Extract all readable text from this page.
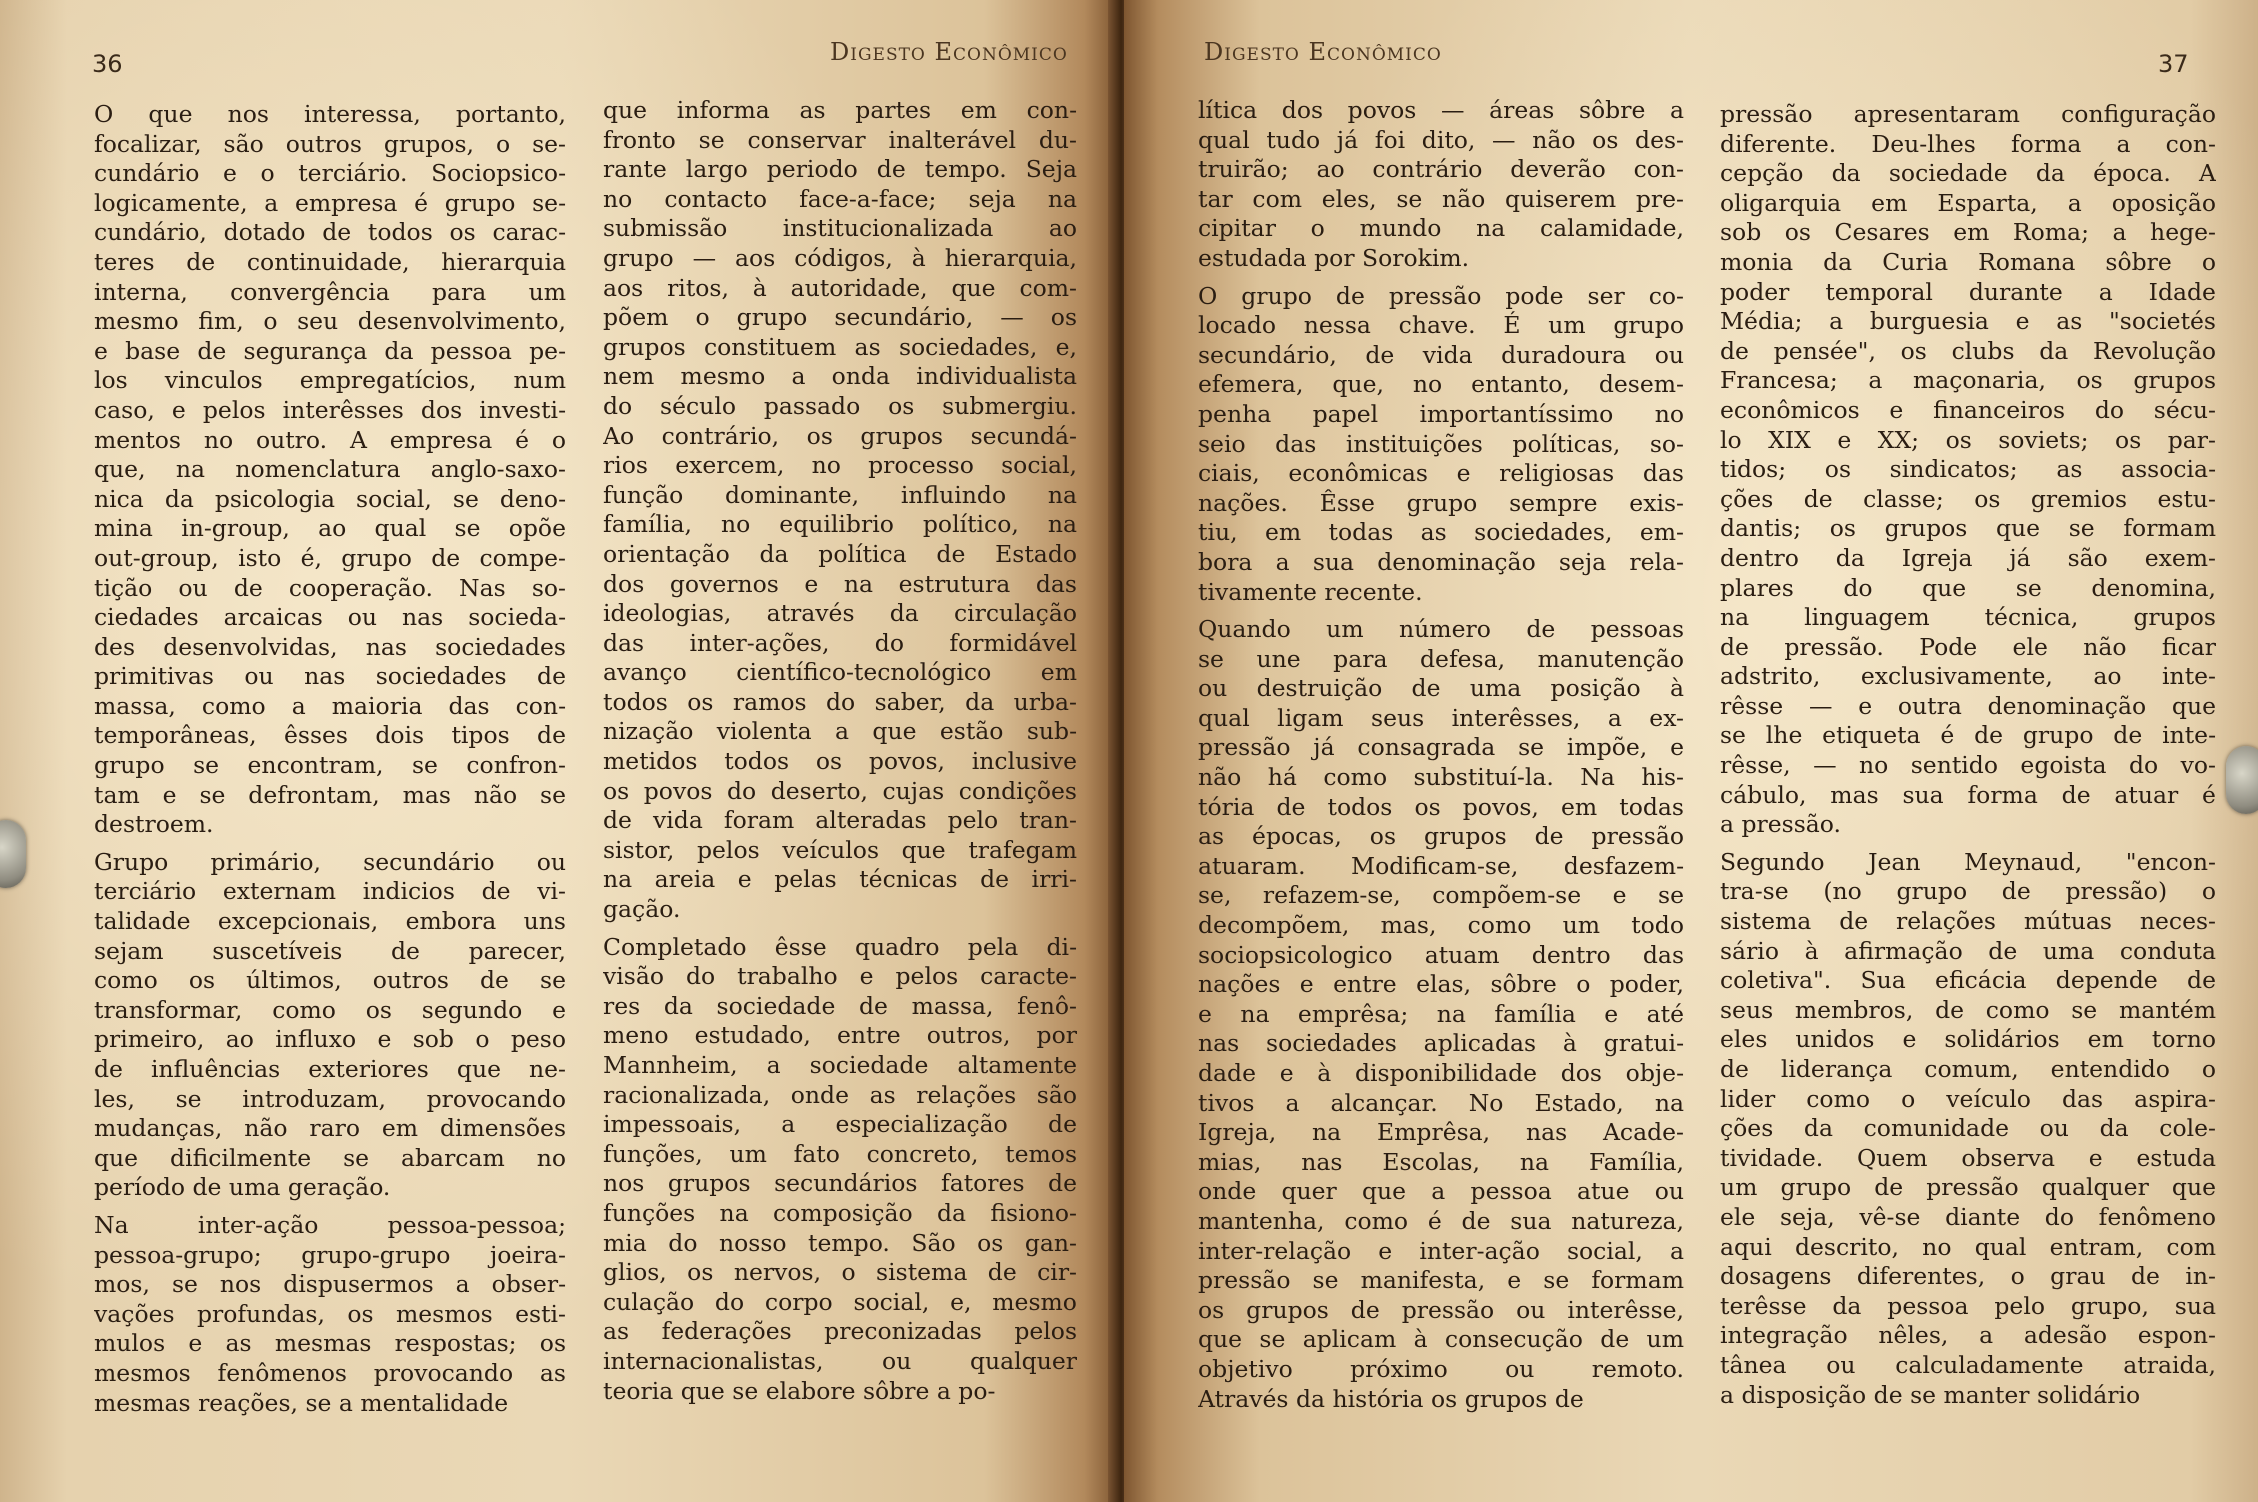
36	Digesto Econômico
O que nos interessa, portanto,
focalizar, são outros grupos, o se-
cundário e o terciário. Sociopsico-
logicamente, a empresa é grupo se-
cundário, dotado de todos os carac-
teres de continuidade, hierarquia
interna, convergência para um
mesmo fim, o seu desenvolvimento,
e base de segurança da pessoa pe-
los vinculos empregatícios, num
caso, e pelos interêsses dos investi-
mentos no outro. A empresa é o
que, na nomenclatura anglo-saxo-
nica da psicologia social, se deno-
mina in-group, ao qual se opõe
out-group, isto é, grupo de compe-
tição ou de cooperação. Nas so-
ciedades arcaicas ou nas socieda-
des desenvolvidas, nas sociedades
primitivas ou nas sociedades de
massa, como a maioria das con-
temporâneas, êsses dois tipos de
grupo se encontram, se confron-
tam e se defrontam, mas não se
destroem.
Grupo primário, secundário ou
terciário externam indicios de vi-
talidade excepcionais, embora uns
sejam suscetíveis de parecer,
como os últimos, outros de se
transformar, como os segundo e
primeiro, ao influxo e sob o peso
de influências exteriores que ne-
les, se introduzam, provocando
mudanças, não raro em dimensões
que dificilmente se abarcam no
período de uma geração.
Na inter-ação pessoa-pessoa;
pessoa-grupo; grupo-grupo joeira-
mos, se nos dispusermos a obser-
vações profundas, os mesmos esti-
mulos e as mesmas respostas; os
mesmos fenômenos provocando as
mesmas reações, se a mentalidade
que informa as partes em con-
fronto se conservar inalterável du-
rante largo periodo de tempo. Seja
no contacto face-a-face; seja na
submissão institucionalizada ao
grupo — aos códigos, à hierarquia,
aos ritos, à autoridade, que com-
põem o grupo secundário, — os
grupos constituem as sociedades, e,
nem mesmo a onda individualista
do século passado os submergiu.
Ao contrário, os grupos secundá-
rios exercem, no processo social,
função dominante, influindo na
família, no equilibrio político, na
orientação da política de Estado
dos governos e na estrutura das
ideologias, através da circulação
das inter-ações, do formidável
avanço científico-tecnológico em
todos os ramos do saber, da urba-
nização violenta a que estão sub-
metidos todos os povos, inclusive
os povos do deserto, cujas condições
de vida foram alteradas pelo tran-
sistor, pelos veículos que trafegam
na areia e pelas técnicas de irri-
gação.
Completado êsse quadro pela di-
visão do trabalho e pelos caracte-
res da sociedade de massa, fenô-
meno estudado, entre outros, por
Mannheim, a sociedade altamente
racionalizada, onde as relações são
impessoais, a especialização de
funções, um fato concreto, temos
nos grupos secundários fatores de
funções na composição da fisiono-
mia do nosso tempo. São os gan-
glios, os nervos, o sistema de cir-
culação do corpo social, e, mesmo
as federações preconizadas pelos
internacionalistas, ou qualquer
teoria que se elabore sôbre a po-
Digesto Econômico	37
lítica dos povos — áreas sôbre a
qual tudo já foi dito, — não os des-
truirão; ao contrário deverão con-
tar com eles, se não quiserem pre-
cipitar o mundo na calamidade,
estudada por Sorokim.
O grupo de pressão pode ser co-
locado nessa chave. É um grupo
secundário, de vida duradoura ou
efemera, que, no entanto, desem-
penha papel importantíssimo no
seio das instituições políticas, so-
ciais, econômicas e religiosas das
nações. Êsse grupo sempre exis-
tiu, em todas as sociedades, em-
bora a sua denominação seja rela-
tivamente recente.
Quando um número de pessoas
se une para defesa, manutenção
ou destruição de uma posição à
qual ligam seus interêsses, a ex-
pressão já consagrada se impõe, e
não há como substituí-la. Na his-
tória de todos os povos, em todas
as épocas, os grupos de pressão
atuaram. Modificam-se, desfazem-
se, refazem-se, compõem-se e se
decompõem, mas, como um todo
sociopsicologico atuam dentro das
nações e entre elas, sôbre o poder,
e na emprêsa; na família e até
nas sociedades aplicadas à gratui-
dade e à disponibilidade dos obje-
tivos a alcançar. No Estado, na
Igreja, na Emprêsa, nas Acade-
mias, nas Escolas, na Família,
onde quer que a pessoa atue ou
mantenha, como é de sua natureza,
inter-relação e inter-ação social, a
pressão se manifesta, e se formam
os grupos de pressão ou interêsse,
que se aplicam à consecução de um
objetivo próximo ou remoto.
Através da história os grupos de
pressão apresentaram configuração
diferente. Deu-lhes forma a con-
cepção da sociedade da época. A
oligarquia em Esparta, a oposição
sob os Cesares em Roma; a hege-
monia da Curia Romana sôbre o
poder temporal durante a Idade
Média; a burguesia e as "societés
de pensée", os clubs da Revolução
Francesa; a maçonaria, os grupos
econômicos e financeiros do sécu-
lo XIX e XX; os soviets; os par-
tidos; os sindicatos; as associa-
ções de classe; os gremios estu-
dantis; os grupos que se formam
dentro da Igreja já são exem-
plares do que se denomina,
na linguagem técnica, grupos
de pressão. Pode ele não ficar
adstrito, exclusivamente, ao inte-
rêsse — e outra denominação que
se lhe etiqueta é de grupo de inte-
rêsse, — no sentido egoista do vo-
cábulo, mas sua forma de atuar é
a pressão.
Segundo Jean Meynaud, "encon-
tra-se (no grupo de pressão) o
sistema de relações mútuas neces-
sário à afirmação de uma conduta
coletiva". Sua eficácia depende de
seus membros, de como se mantém
eles unidos e solidários em torno
de liderança comum, entendido o
lider como o veículo das aspira-
ções da comunidade ou da cole-
tividade. Quem observa e estuda
um grupo de pressão qualquer que
ele seja, vê-se diante do fenômeno
aqui descrito, no qual entram, com
dosagens diferentes, o grau de in-
terêsse da pessoa pelo grupo, sua
integração nêles, a adesão espon-
tânea ou calculadamente atraida,
a disposição de se manter solidário
